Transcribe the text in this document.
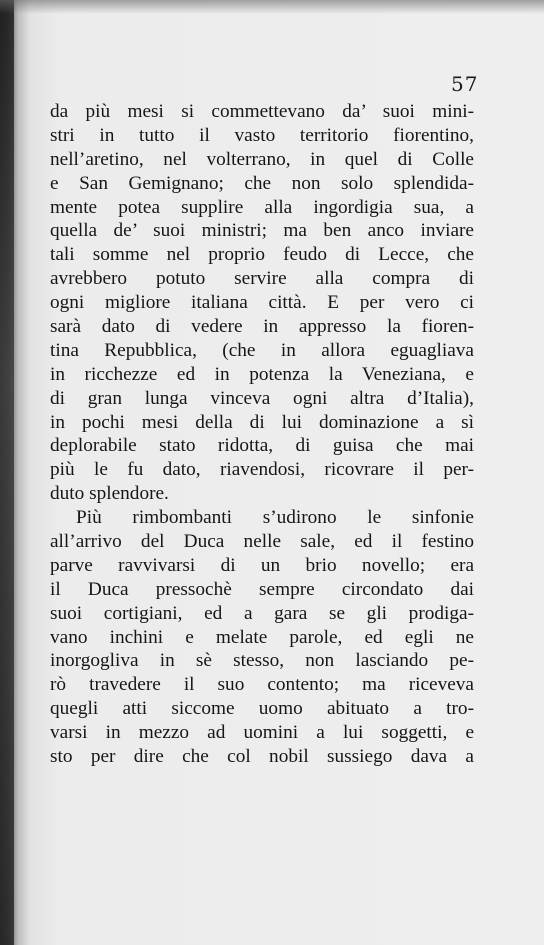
57
da più mesi si commettevano da’ suoi mini-
stri in tutto il vasto territorio fiorentino,
nell’aretino, nel volterrano, in quel di Colle
e San Gemignano; che non solo splendida-
mente potea supplire alla ingordigia sua, a
quella de’ suoi ministri; ma ben anco inviare
tali somme nel proprio feudo di Lecce, che
avrebbero potuto servire alla compra di
ogni migliore italiana città. E per vero ci
sarà dato di vedere in appresso la fioren-
tina Repubblica, (che in allora eguagliava
in ricchezze ed in potenza la Veneziana, e
di gran lunga vinceva ogni altra d’Italia),
in pochi mesi della di lui dominazione a sì
deplorabile stato ridotta, di guisa che mai
più le fu dato, riavendosi, ricovrare il per-
duto splendore.
Più rimbombanti s’udirono le sinfonie
all’arrivo del Duca nelle sale, ed il festino
parve ravvivarsi di un brio novello; era
il Duca pressochè sempre circondato dai
suoi cortigiani, ed a gara se gli prodiga-
vano inchini e melate parole, ed egli ne
inorgogliva in sè stesso, non lasciando pe-
rò travedere il suo contento; ma riceveva
quegli atti siccome uomo abituato a tro-
varsi in mezzo ad uomini a lui soggetti, e
sto per dire che col nobil sussiego dava a
